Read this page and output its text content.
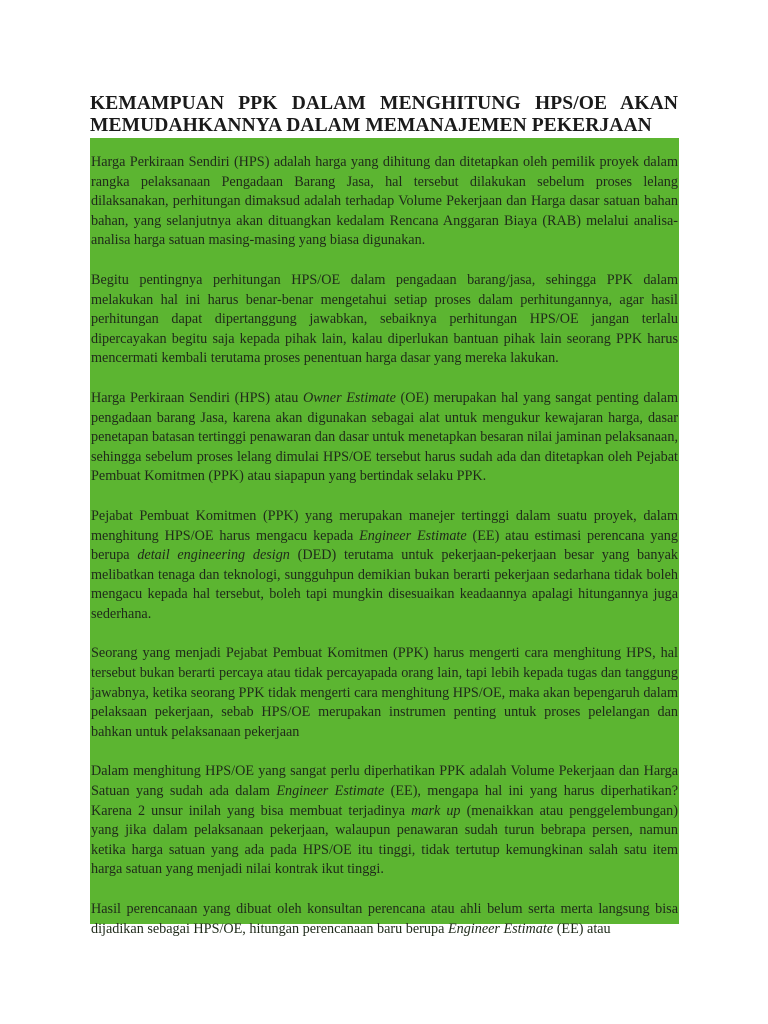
KEMAMPUAN PPK DALAM MENGHITUNG HPS/OE AKAN MEMUDAHKANNYA DALAM MEMANAJEMEN PEKERJAAN

Harga Perkiraan Sendiri (HPS) adalah harga yang dihitung dan ditetapkan oleh pemilik proyek dalam rangka pelaksanaan Pengadaan Barang Jasa, hal tersebut dilakukan sebelum proses lelang dilaksanakan, perhitungan dimaksud adalah terhadap Volume Pekerjaan dan Harga dasar satuan bahan bahan, yang selanjutnya akan dituangkan kedalam Rencana Anggaran Biaya (RAB) melalui analisa-analisa harga satuan masing-masing yang biasa digunakan.

Begitu pentingnya perhitungan HPS/OE dalam pengadaan barang/jasa, sehingga PPK dalam melakukan hal ini harus benar-benar mengetahui setiap proses dalam perhitungannya, agar hasil perhitungan dapat dipertanggung jawabkan, sebaiknya perhitungan HPS/OE jangan terlalu dipercayakan begitu saja kepada pihak lain, kalau diperlukan bantuan pihak lain seorang PPK harus mencermati kembali terutama proses penentuan harga dasar yang mereka lakukan.

Harga Perkiraan Sendiri (HPS) atau Owner Estimate (OE) merupakan hal yang sangat penting dalam pengadaan barang Jasa, karena akan digunakan sebagai alat untuk mengukur kewajaran harga, dasar penetapan batasan tertinggi penawaran dan dasar untuk menetapkan besaran nilai jaminan pelaksanaan, sehingga sebelum proses lelang dimulai HPS/OE tersebut harus sudah ada dan ditetapkan oleh Pejabat Pembuat Komitmen (PPK) atau siapapun yang bertindak selaku PPK.

Pejabat Pembuat Komitmen (PPK) yang merupakan manejer tertinggi dalam suatu proyek, dalam menghitung HPS/OE harus mengacu kepada Engineer Estimate (EE) atau estimasi perencana yang berupa detail engineering design (DED) terutama untuk pekerjaan-pekerjaan besar yang banyak melibatkan tenaga dan teknologi, sungguhpun demikian bukan berarti pekerjaan sedarhana tidak boleh mengacu kepada hal tersebut, boleh tapi mungkin disesuaikan keadaannya apalagi hitungannya juga sederhana.

Seorang yang menjadi Pejabat Pembuat Komitmen (PPK) harus mengerti cara menghitung HPS, hal tersebut bukan berarti percaya atau tidak percayapada orang lain, tapi lebih kepada tugas dan tanggung jawabnya, ketika seorang PPK tidak mengerti cara menghitung HPS/OE, maka akan bepengaruh dalam pelaksaan pekerjaan, sebab HPS/OE merupakan instrumen penting untuk proses pelelangan dan bahkan untuk pelaksanaan pekerjaan

Dalam menghitung HPS/OE yang sangat perlu diperhatikan PPK adalah Volume Pekerjaan dan Harga Satuan yang sudah ada dalam Engineer Estimate (EE), mengapa hal ini yang harus diperhatikan? Karena 2 unsur inilah yang bisa membuat terjadinya mark up (menaikkan atau penggelembungan) yang jika dalam pelaksanaan pekerjaan, walaupun penawaran sudah turun bebrapa persen, namun ketika harga satuan yang ada pada HPS/OE itu tinggi, tidak tertutup kemungkinan salah satu item harga satuan yang menjadi nilai kontrak ikut tinggi.

Hasil perencanaan yang dibuat oleh konsultan perencana atau ahli belum serta merta langsung bisa dijadikan sebagai HPS/OE, hitungan perencanaan baru berupa Engineer Estimate (EE) atau
